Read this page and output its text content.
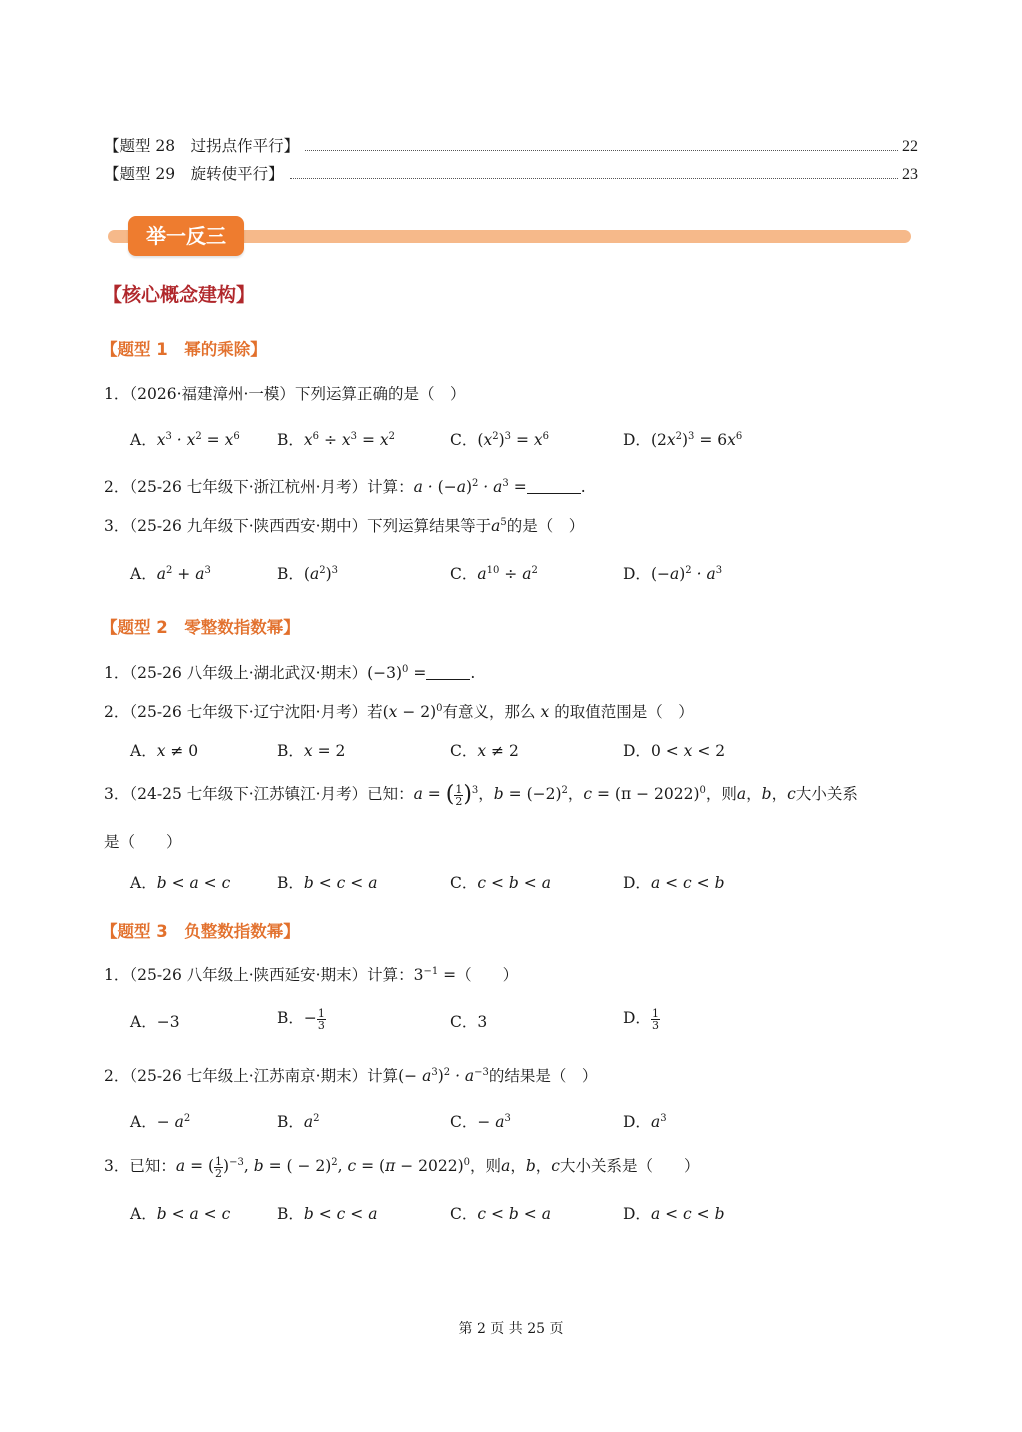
【题型 28　过拐点作平行】	22
【题型 29　旋转使平行】	23
举一反三
【核心概念建构】
【题型 1　幂的乘除】
1．（2026·福建漳州·一模）下列运算正确的是（　）
A．$x^3 \cdot x^2 = x^6$ B．$x^6 \div x^3 = x^2$	C．$(x^2)^3 = x^6$	D．$(2x^2)^3 = 6x^6$
2．（25-26 七年级下·浙江杭州·月考）计算：$a \cdot (-a)^2 \cdot a^3$ =	.
3．（25-26 九年级下·陕西西安·期中）下列运算结果等于$a^5$的是（　）
A．$a^2 + a^3$	B．$(a^2)^3$	C．$a^{10} \div a^2$	D．$(-a)^2 \cdot a^3$
【题型 2　零整数指数幂】
1．（25-26 八年级上·湖北武汉·期末）$(-3)^0$ =	.
2．（25-26 七年级下·辽宁沈阳·月考）若$(x - 2)^0$有意义，那么 x 的取值范围是（　）
A．x ≠ 0	B．x = 2	C．x ≠ 2	D．0 < x < 2
3．（24-25 七年级下·江苏镇江·月考）已知：a = ( $\frac{1}{2} )^3$，$b = (-2)^2$，$c = (\pi - 2022)^0$，则a，b，c大小关系
是（　　）
A．b < a < c	B．b < c < a	C．c < b < a	D．a < c < b
【题型 3　负整数指数幂】
1．（25-26 八年级上·陕西延安·期末）计算：$3^{-1}$ =（　　）
A．−3	B．− $\frac{1}{3}$	C．3	D． $\frac{1}{3}$
2．（25-26 七年级上·江苏南京·期末）计算(− $a^3)^2 \cdot a^{-3}$的结果是（　）
A．− $a^2$	B．$a^2$	C．− $a^3$	D．$a^3$
3．已知：a = ( $\frac{1}{2} )^{-3}$, b = ( − 2)$^2$, $c = (\pi - 2022)^0$，则a，b，c大小关系是（　　）
A．b < a < c	B．b < c < a	C．c < b < a	D．a < c < b
第 2 页 共 25 页
